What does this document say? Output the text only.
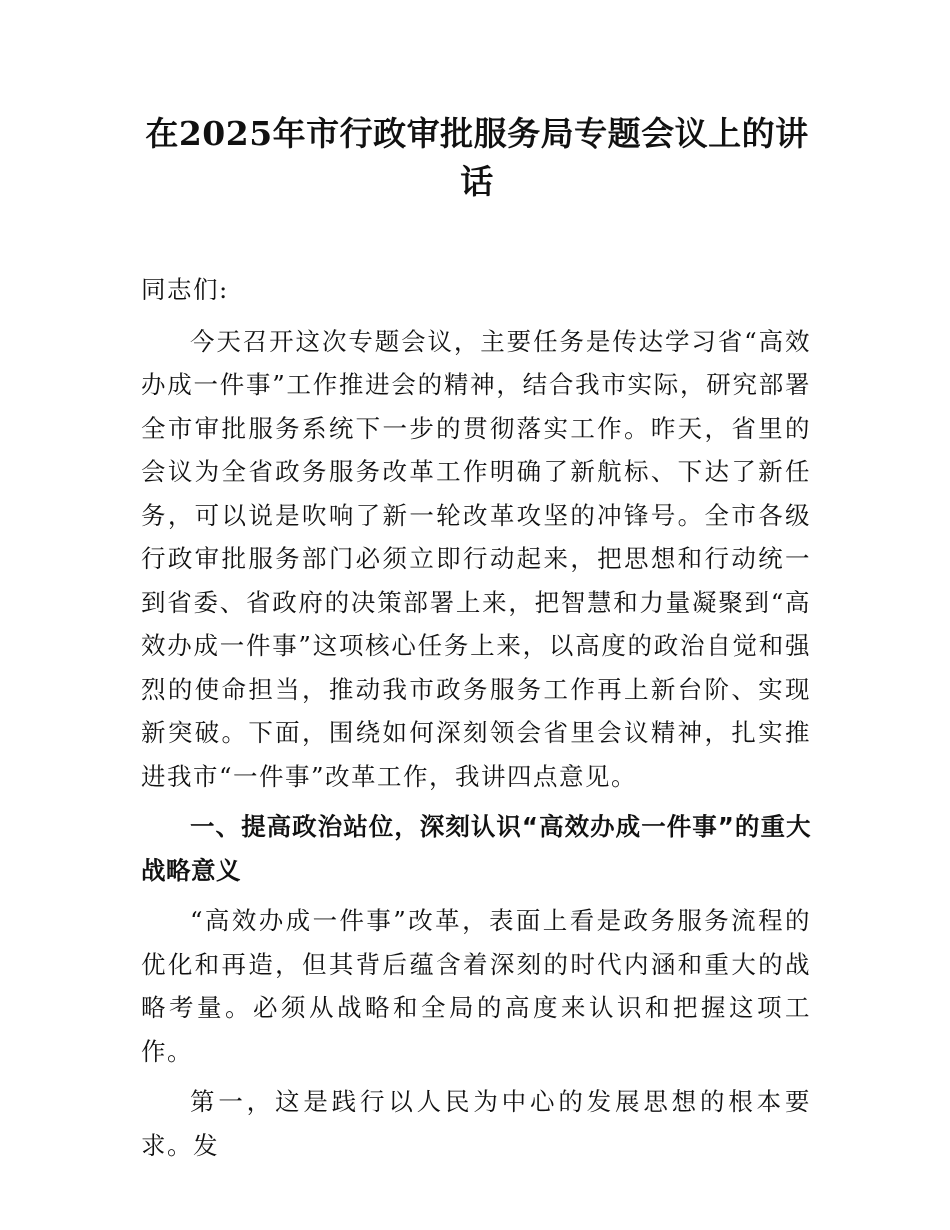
在2025年市行政审批服务局专题会议上的讲话

同志们:

今天召开这次专题会议，主要任务是传达学习省“高效办成一件事”工作推进会的精神，结合我市实际，研究部署全市审批服务系统下一步的贯彻落实工作。昨天，省里的会议为全省政务服务改革工作明确了新航标、下达了新任务，可以说是吹响了新一轮改革攻坚的冲锋号。全市各级行政审批服务部门必须立即行动起来，把思想和行动统一到省委、省政府的决策部署上来，把智慧和力量凝聚到“高效办成一件事”这项核心任务上来，以高度的政治自觉和强烈的使命担当，推动我市政务服务工作再上新台阶、实现新突破。下面，围绕如何深刻领会省里会议精神，扎实推进我市“一件事”改革工作，我讲四点意见。

一、提高政治站位，深刻认识“高效办成一件事”的重大战略意义

“高效办成一件事”改革，表面上看是政务服务流程的优化和再造，但其背后蕴含着深刻的时代内涵和重大的战略考量。必须从战略和全局的高度来认识和把握这项工作。

第一，这是践行以人民为中心的发展思想的根本要求。发
